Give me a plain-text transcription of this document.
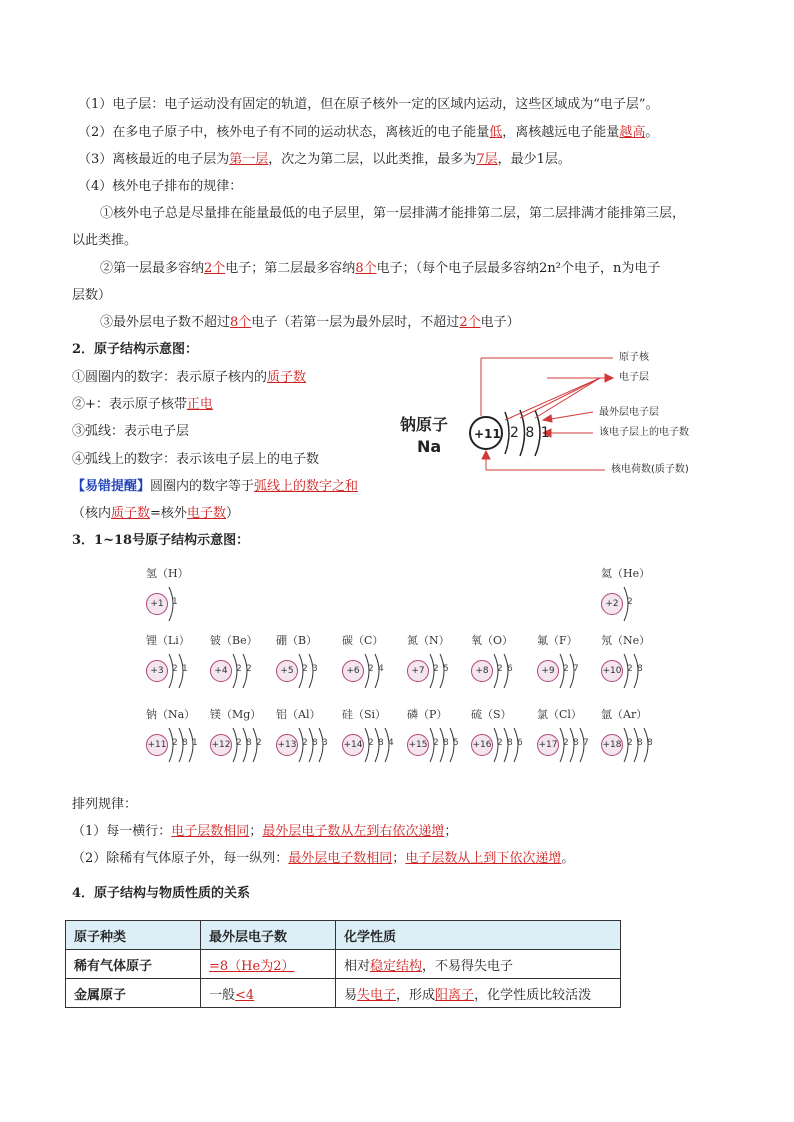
（1）电子层：电子运动没有固定的轨道，但在原子核外一定的区域内运动，这些区域成为“电子层”。
（2）在多电子原子中，核外电子有不同的运动状态，离核近的电子能量低，离核越远电子能量越高。
（3）离核最近的电子层为第一层，次之为第二层，以此类推，最多为7层，最少1层。
（4）核外电子排布的规律：
①核外电子总是尽量排在能量最低的电子层里，第一层排满才能排第二层，第二层排满才能排第三层，
以此类推。
②第一层最多容纳2个电子；第二层最多容纳8个电子；（每个电子层最多容纳2n²个电子，n为电子
层数）
③最外层电子数不超过8个电子（若第一层为最外层时，不超过2个电子）
2．原子结构示意图：
①圆圈内的数字：表示原子核内的质子数
②+：表示原子核带正电
③弧线：表示电子层
④弧线上的数字：表示该电子层上的电子数
【易错提醒】圆圈内的数字等于弧线上的数字之和
（核内质子数=核外电子数）
钠原子
Na
+11 2 8 1
原子核
电子层
最外层电子层
该电子层上的电子数
核电荷数(质子数)
3．1~18号原子结构示意图：
氢（H）
+1 1
氦（He）
+2 2
锂（Li）
+3 2 1
铍（Be）
+4 2 2
硼（B）
+5 2 3
碳（C）
+6 2 4
氮（N）
+7 2 5
氧（O）
+8 2 6
氟（F）
+9 2 7
氖（Ne）
+10 2 8
钠（Na）
+11 2 8 1
镁（Mg）
+12 2 8 2
铝（Al）
+13 2 8 3
硅（Si）
+14 2 8 4
磷（P）
+15 2 8 5
硫（S）
+16 2 8 6
氯（Cl）
+17 2 8 7
氩（Ar）
+18 2 8 8
排列规律：
（1）每一横行：电子层数相同；最外层电子数从左到右依次递增；
（2）除稀有气体原子外，每一纵列：最外层电子数相同；电子层数从上到下依次递增。
4．原子结构与物质性质的关系
原子种类	最外层电子数	化学性质
稀有气体原子	=8（He为2）	相对稳定结构，不易得失电子
金属原子	一般<4	易失电子，形成阳离子，化学性质比较活泼
